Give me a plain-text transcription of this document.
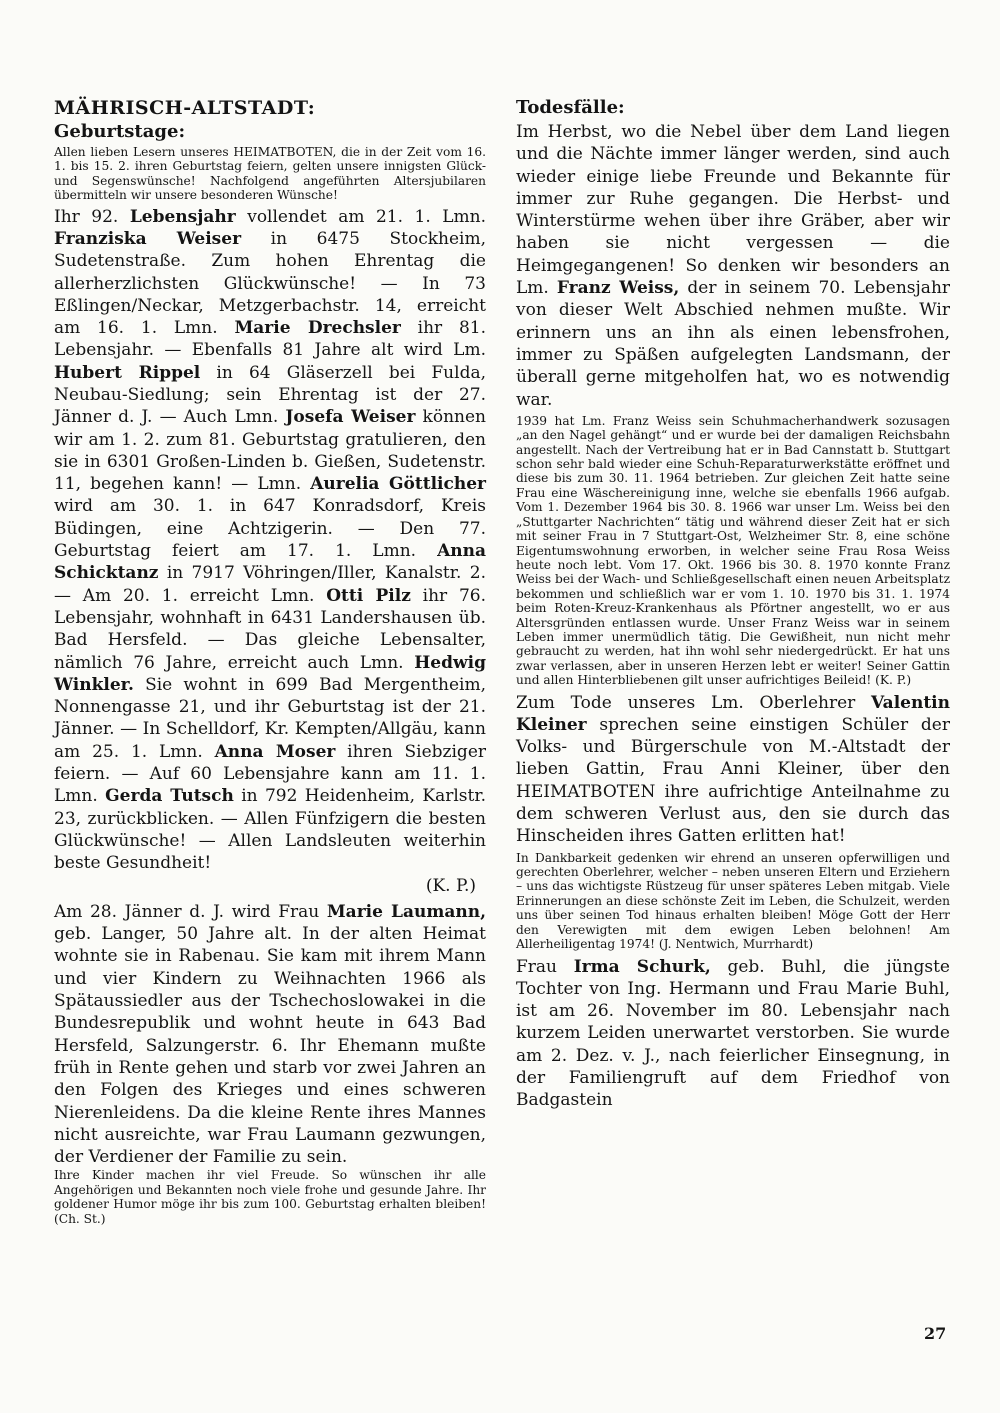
MÄHRISCH-ALTSTADT:

Geburtstage:

Allen lieben Lesern unseres HEIMATBOTEN, die in der Zeit vom 16. 1. bis 15. 2. ihren Geburtstag feiern, gelten unsere innigsten Glück- und Segenswünsche! Nachfolgend angeführten Altersjubilaren übermitteln wir unsere besonderen Wünsche!

Ihr 92. Lebensjahr vollendet am 21. 1. Lmn. Franziska Weiser in 6475 Stockheim, Sudetenstraße. Zum hohen Ehrentag die allerherzlichsten Glückwünsche! — In 73 Eßlingen/Neckar, Metzgerbachstr. 14, erreicht am 16. 1. Lmn. Marie Drechsler ihr 81. Lebensjahr. — Ebenfalls 81 Jahre alt wird Lm. Hubert Rippel in 64 Gläserzell bei Fulda, Neubau-Siedlung; sein Ehrentag ist der 27. Jänner d. J. — Auch Lmn. Josefa Weiser können wir am 1. 2. zum 81. Geburtstag gratulieren, den sie in 6301 Großen-Linden b. Gießen, Sudetenstr. 11, begehen kann! — Lmn. Aurelia Göttlicher wird am 30. 1. in 647 Konradsdorf, Kreis Büdingen, eine Achtzigerin. — Den 77. Geburtstag feiert am 17. 1. Lmn. Anna Schicktanz in 7917 Vöhringen/Iller, Kanalstr. 2. — Am 20. 1. erreicht Lmn. Otti Pilz ihr 76. Lebensjahr, wohnhaft in 6431 Landershausen üb. Bad Hersfeld. — Das gleiche Lebensalter, nämlich 76 Jahre, erreicht auch Lmn. Hedwig Winkler. Sie wohnt in 699 Bad Mergentheim, Nonnengasse 21, und ihr Geburtstag ist der 21. Jänner. — In Schelldorf, Kr. Kempten/Allgäu, kann am 25. 1. Lmn. Anna Moser ihren Siebziger feiern. — Auf 60 Lebensjahre kann am 11. 1. Lmn. Gerda Tutsch in 792 Heidenheim, Karlstr. 23, zurückblicken. — Allen Fünfzigern die besten Glückwünsche! — Allen Landsleuten weiterhin beste Gesundheit!

(K. P.)

Am 28. Jänner d. J. wird Frau Marie Laumann, geb. Langer, 50 Jahre alt. In der alten Heimat wohnte sie in Rabenau. Sie kam mit ihrem Mann und vier Kindern zu Weihnachten 1966 als Spätaussiedler aus der Tschechoslowakei in die Bundesrepublik und wohnt heute in 643 Bad Hersfeld, Salzungerstr. 6. Ihr Ehemann mußte früh in Rente gehen und starb vor zwei Jahren an den Folgen des Krieges und eines schweren Nierenleidens. Da die kleine Rente ihres Mannes nicht ausreichte, war Frau Laumann gezwungen, der Verdiener der Familie zu sein.

Ihre Kinder machen ihr viel Freude. So wünschen ihr alle Angehörigen und Bekannten noch viele frohe und gesunde Jahre. Ihr goldener Humor möge ihr bis zum 100. Geburtstag erhalten bleiben! (Ch. St.)

Todesfälle:

Im Herbst, wo die Nebel über dem Land liegen und die Nächte immer länger werden, sind auch wieder einige liebe Freunde und Bekannte für immer zur Ruhe gegangen. Die Herbst- und Winterstürme wehen über ihre Gräber, aber wir haben sie nicht vergessen — die Heimgegangenen! So denken wir besonders an Lm. Franz Weiss, der in seinem 70. Lebensjahr von dieser Welt Abschied nehmen mußte. Wir erinnern uns an ihn als einen lebensfrohen, immer zu Späßen aufgelegten Landsmann, der überall gerne mitgeholfen hat, wo es notwendig war.

1939 hat Lm. Franz Weiss sein Schuhmacherhandwerk sozusagen „an den Nagel gehängt“ und er wurde bei der damaligen Reichsbahn angestellt. Nach der Vertreibung hat er in Bad Cannstatt b. Stuttgart schon sehr bald wieder eine Schuh-Reparaturwerkstätte eröffnet und diese bis zum 30. 11. 1964 betrieben. Zur gleichen Zeit hatte seine Frau eine Wäschereinigung inne, welche sie ebenfalls 1966 aufgab. Vom 1. Dezember 1964 bis 30. 8. 1966 war unser Lm. Weiss bei den „Stuttgarter Nachrichten“ tätig und während dieser Zeit hat er sich mit seiner Frau in 7 Stuttgart-Ost, Welzheimer Str. 8, eine schöne Eigentumswohnung erworben, in welcher seine Frau Rosa Weiss heute noch lebt. Vom 17. Okt. 1966 bis 30. 8. 1970 konnte Franz Weiss bei der Wach- und Schließgesellschaft einen neuen Arbeitsplatz bekommen und schließlich war er vom 1. 10. 1970 bis 31. 1. 1974 beim Roten-Kreuz-Krankenhaus als Pförtner angestellt, wo er aus Altersgründen entlassen wurde. Unser Franz Weiss war in seinem Leben immer unermüdlich tätig. Die Gewißheit, nun nicht mehr gebraucht zu werden, hat ihn wohl sehr niedergedrückt. Er hat uns zwar verlassen, aber in unseren Herzen lebt er weiter! Seiner Gattin und allen Hinterbliebenen gilt unser aufrichtiges Beileid! (K. P.)

Zum Tode unseres Lm. Oberlehrer Valentin Kleiner sprechen seine einstigen Schüler der Volks- und Bürgerschule von M.-Altstadt der lieben Gattin, Frau Anni Kleiner, über den HEIMATBOTEN ihre aufrichtige Anteilnahme zu dem schweren Verlust aus, den sie durch das Hinscheiden ihres Gatten erlitten hat!

In Dankbarkeit gedenken wir ehrend an unseren opferwilligen und gerechten Oberlehrer, welcher – neben unseren Eltern und Erziehern – uns das wichtigste Rüstzeug für unser späteres Leben mitgab. Viele Erinnerungen an diese schönste Zeit im Leben, die Schulzeit, werden uns über seinen Tod hinaus erhalten bleiben! Möge Gott der Herr den Verewigten mit dem ewigen Leben belohnen! Am Allerheiligentag 1974! (J. Nentwich, Murrhardt)

Frau Irma Schurk, geb. Buhl, die jüngste Tochter von Ing. Hermann und Frau Marie Buhl, ist am 26. November im 80. Lebensjahr nach kurzem Leiden unerwartet verstorben. Sie wurde am 2. Dez. v. J., nach feierlicher Einsegnung, in der Familiengruft auf dem Friedhof von Badgastein

27
